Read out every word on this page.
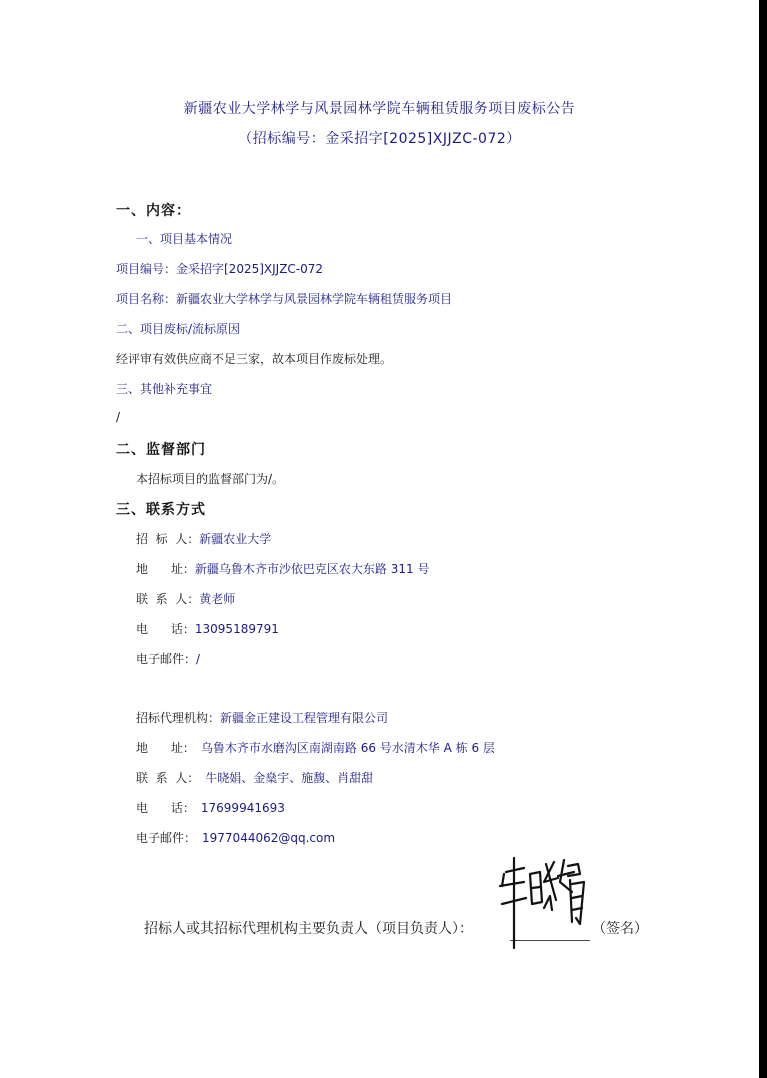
新疆农业大学林学与风景园林学院车辆租赁服务项目废标公告
（招标编号：金采招字[2025]XJJZC-072）
一、内容：
一、项目基本情况
项目编号：金采招字[2025]XJJZC-072
项目名称：新疆农业大学林学与风景园林学院车辆租赁服务项目
二、项目废标/流标原因
经评审有效供应商不足三家，故本项目作废标处理。
三、其他补充事宜
/
二、监督部门
本招标项目的监督部门为/。
三、联系方式
招  标  人：新疆农业大学
地      址：新疆乌鲁木齐市沙依巴克区农大东路 311 号
联  系  人：黄老师
电      话：13095189791
电子邮件：/
招标代理机构：新疆金正建设工程管理有限公司
地      址： 乌鲁木齐市水磨沟区南湖南路 66 号水清木华 A 栋 6 层
联  系  人： 牛晓娟、金燊宇、施馥、肖甜甜
电      话： 17699941693
电子邮件： 1977044062@qq.com
招标人或其招标代理机构主要负责人（项目负责人）：	（签名）
